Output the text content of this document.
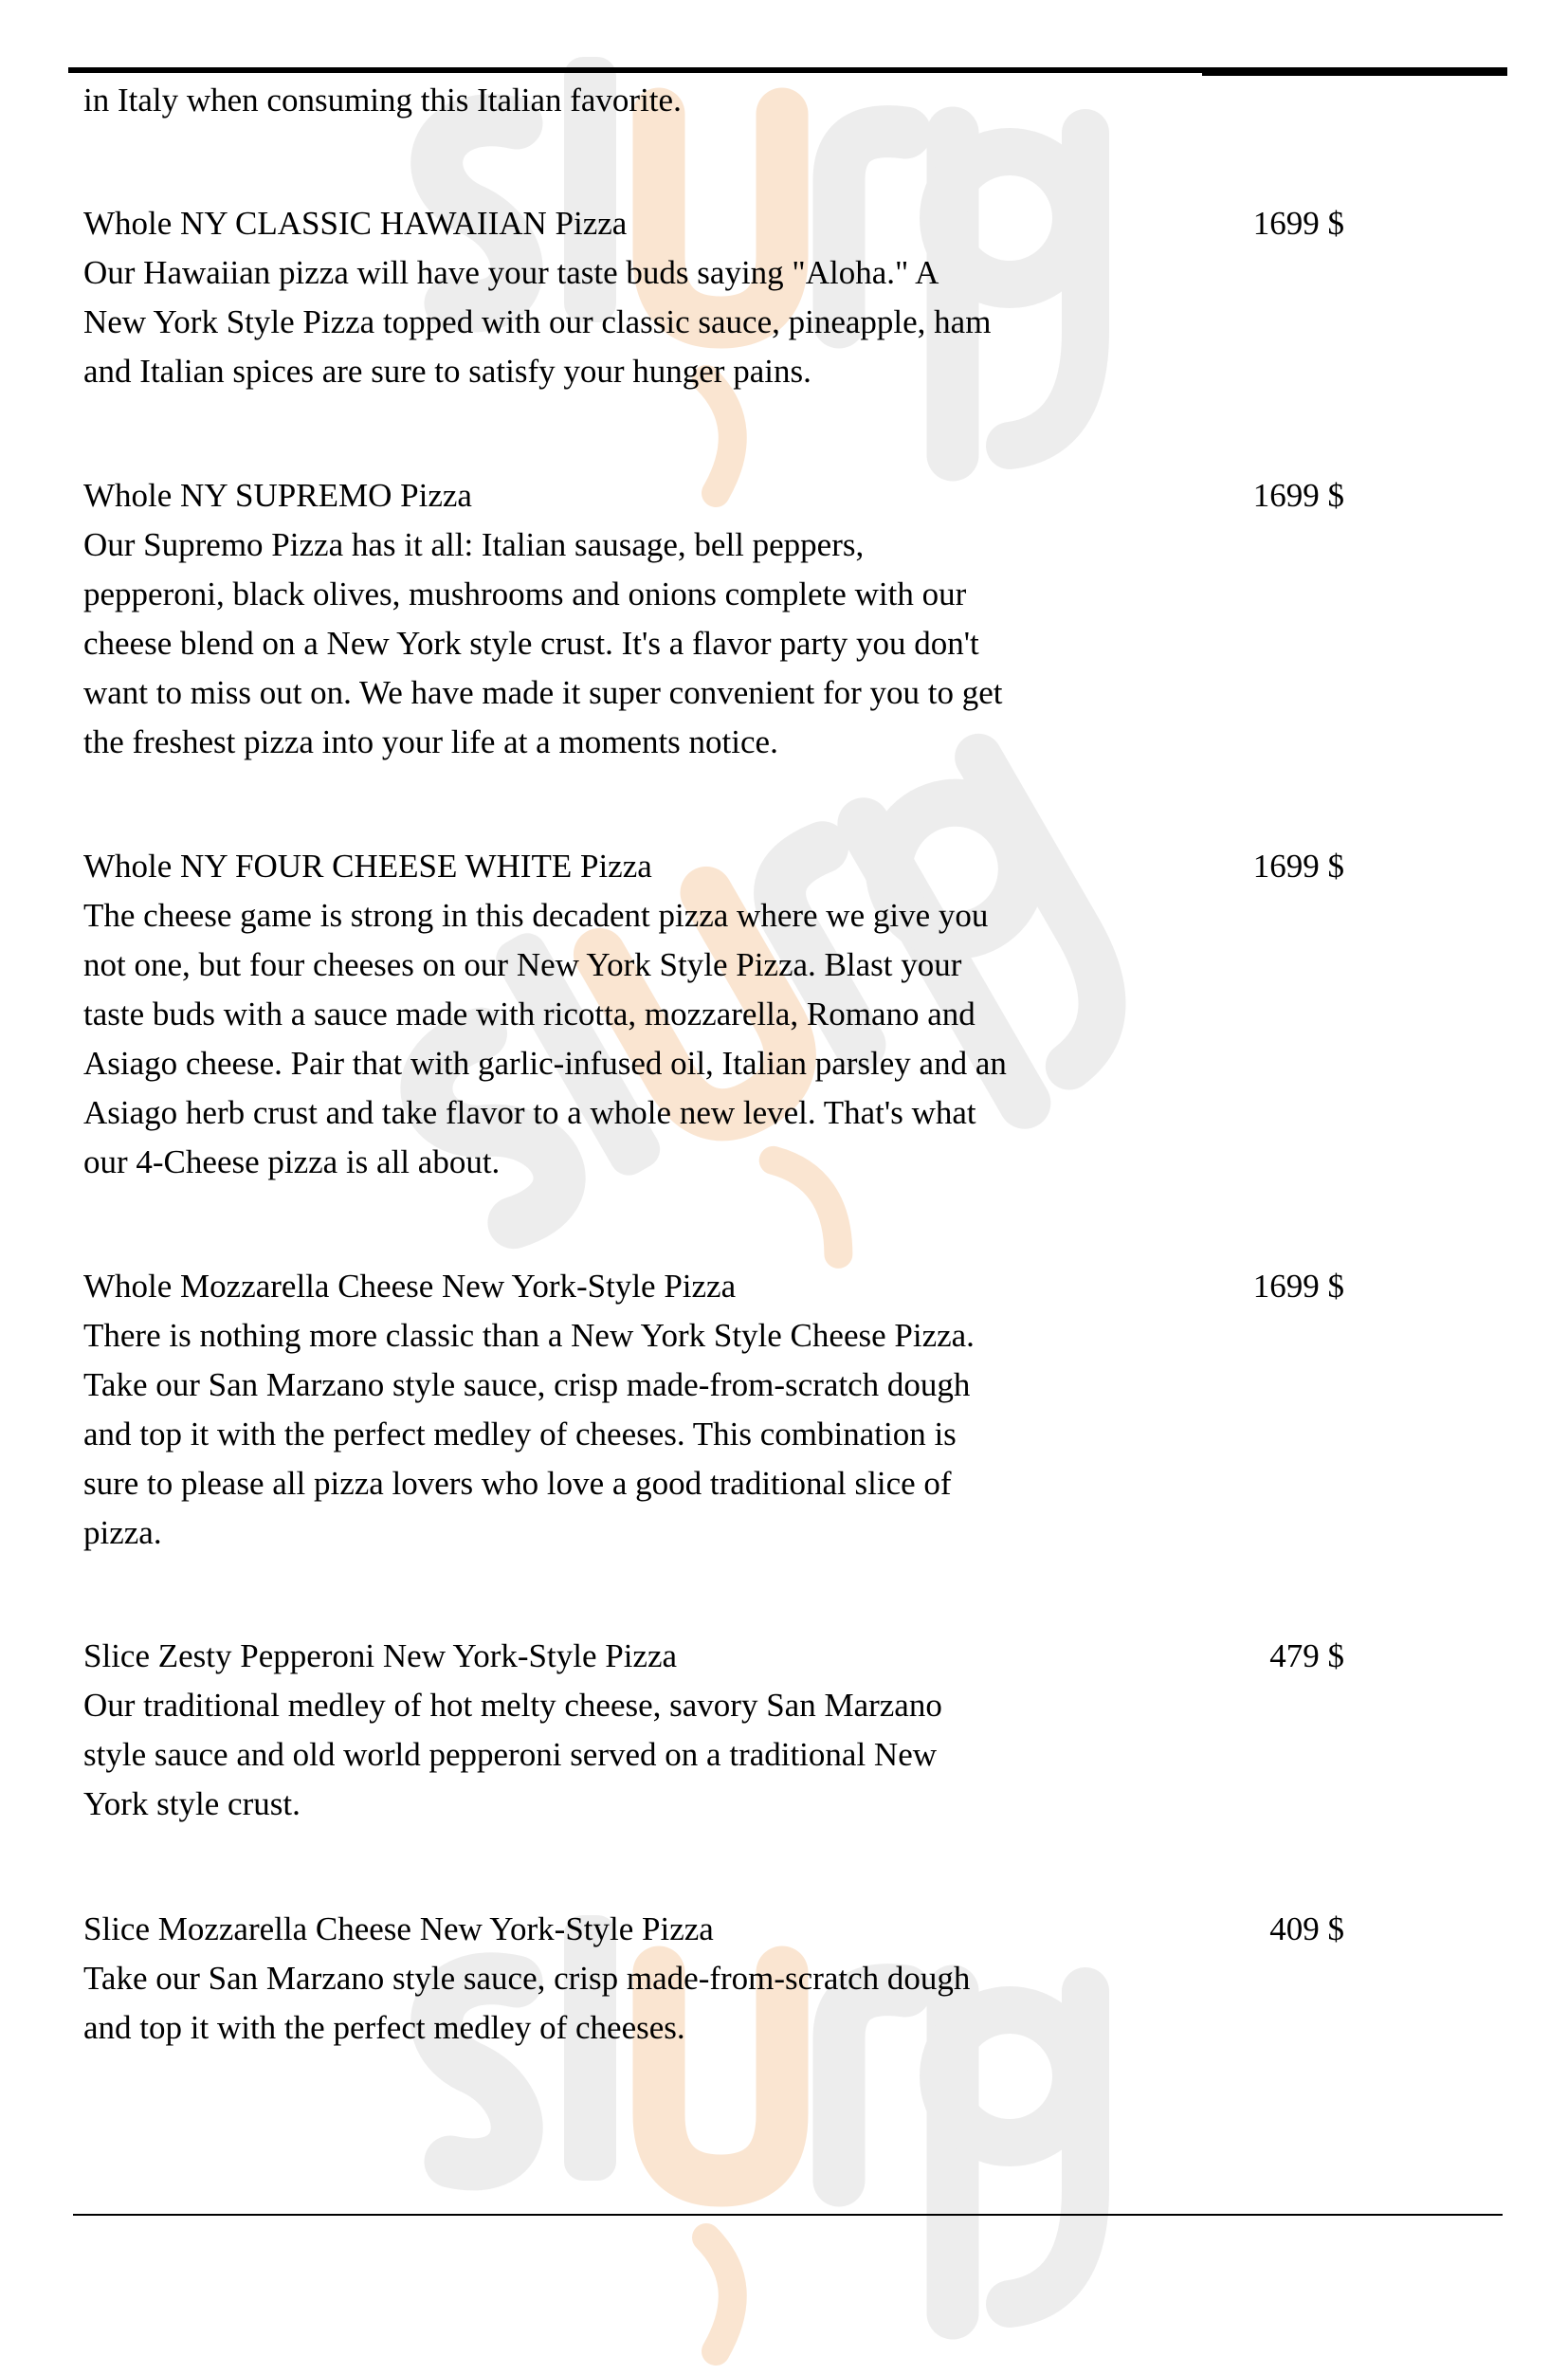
in Italy when consuming this Italian favorite.
Whole NY CLASSIC HAWAIIAN Pizza	1699 $
Our Hawaiian pizza will have your taste buds saying "Aloha." A
New York Style Pizza topped with our classic sauce, pineapple, ham
and Italian spices are sure to satisfy your hunger pains.
Whole NY SUPREMO Pizza	1699 $
Our Supremo Pizza has it all: Italian sausage, bell peppers,
pepperoni, black olives, mushrooms and onions complete with our
cheese blend on a New York style crust. It's a flavor party you don't
want to miss out on. We have made it super convenient for you to get
the freshest pizza into your life at a moments notice.
Whole NY FOUR CHEESE WHITE Pizza	1699 $
The cheese game is strong in this decadent pizza where we give you
not one, but four cheeses on our New York Style Pizza. Blast your
taste buds with a sauce made with ricotta, mozzarella, Romano and
Asiago cheese. Pair that with garlic-infused oil, Italian parsley and an
Asiago herb crust and take flavor to a whole new level. That's what
our 4-Cheese pizza is all about.
Whole Mozzarella Cheese New York-Style Pizza	1699 $
There is nothing more classic than a New York Style Cheese Pizza.
Take our San Marzano style sauce, crisp made-from-scratch dough
and top it with the perfect medley of cheeses. This combination is
sure to please all pizza lovers who love a good traditional slice of
pizza.
Slice Zesty Pepperoni New York-Style Pizza	479 $
Our traditional medley of hot melty cheese, savory San Marzano
style sauce and old world pepperoni served on a traditional New
York style crust.
Slice Mozzarella Cheese New York-Style Pizza	409 $
Take our San Marzano style sauce, crisp made-from-scratch dough
and top it with the perfect medley of cheeses.
